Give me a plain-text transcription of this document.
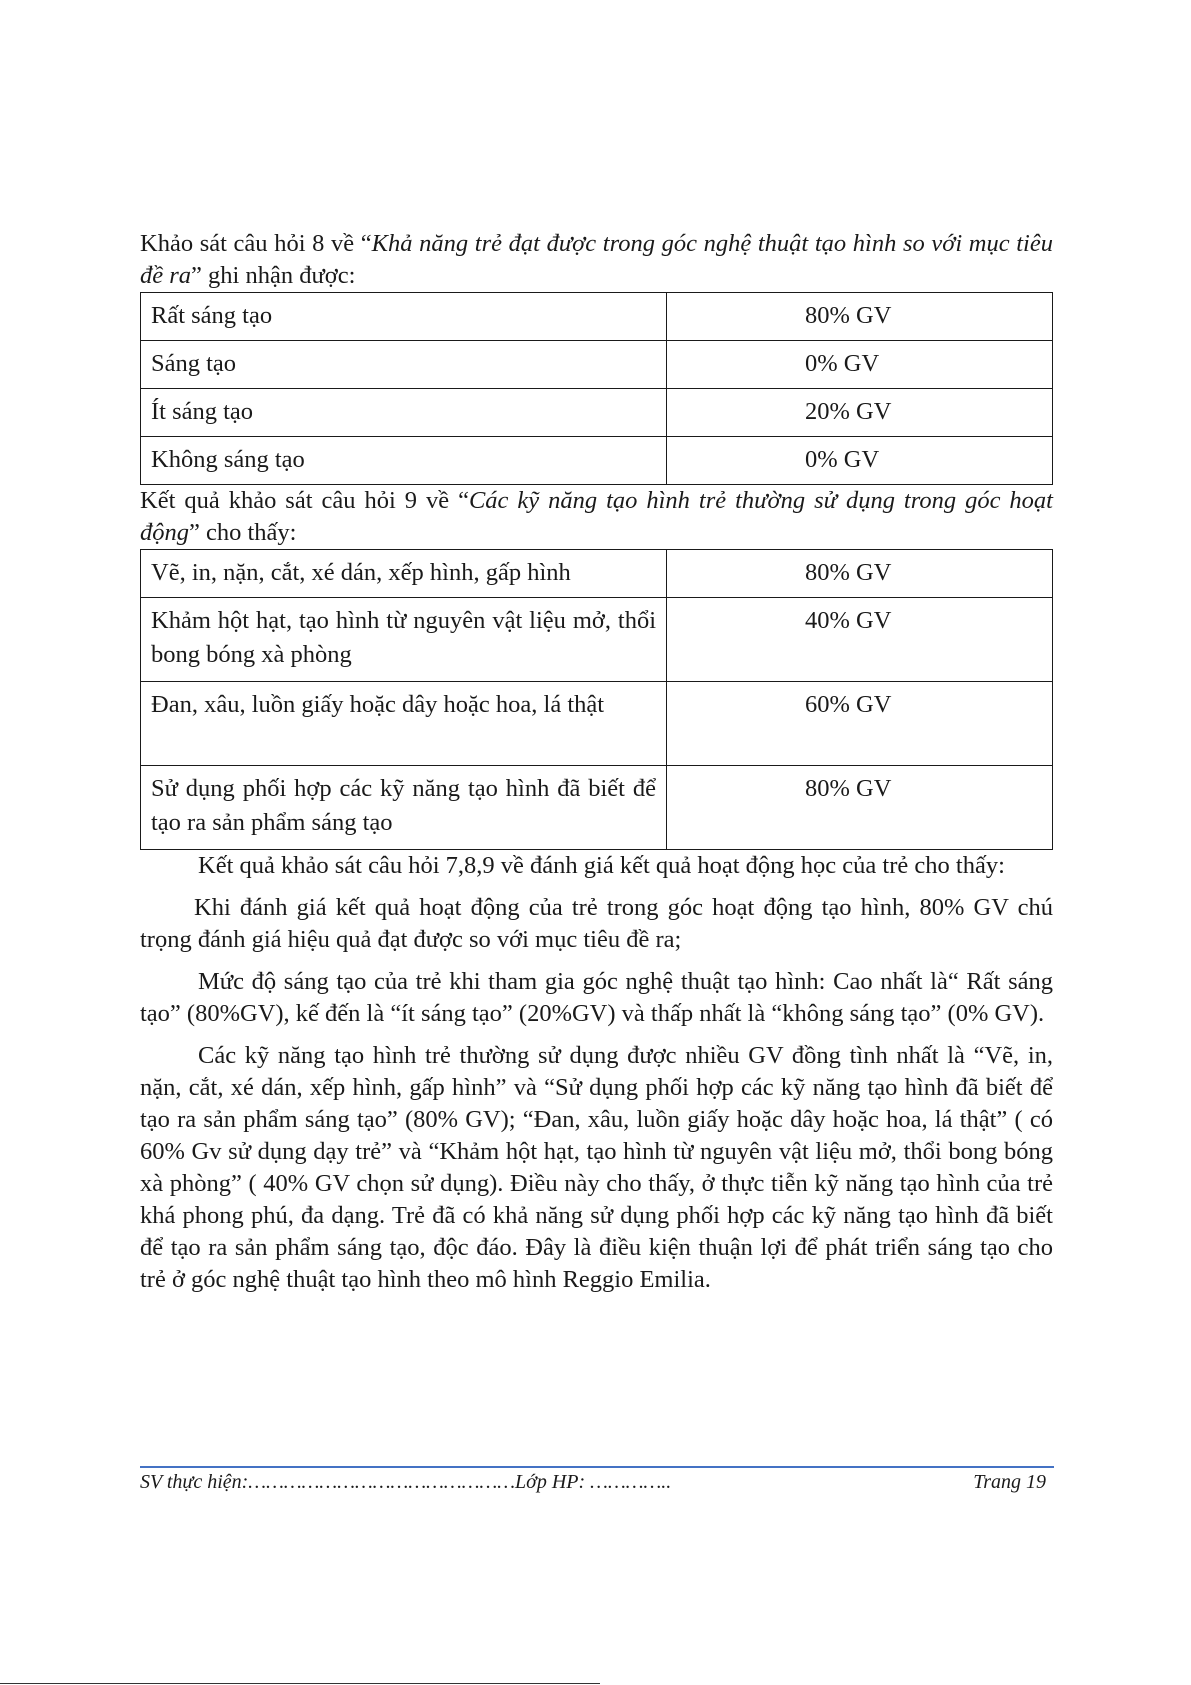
Khảo sát câu hỏi 8 về “Khả năng trẻ đạt được trong góc nghệ thuật tạo hình so với mục tiêu đề ra” ghi nhận được:

Rất sáng tạo	80% GV
Sáng tạo	0% GV
Ít sáng tạo	20% GV
Không sáng tạo	0% GV

Kết quả khảo sát câu hỏi 9 về “Các kỹ năng tạo hình trẻ thường sử dụng trong góc hoạt động” cho thấy:

Vẽ, in, nặn, cắt, xé dán, xếp hình, gấp hình	80% GV
Khảm hột hạt, tạo hình từ nguyên vật liệu mở, thổi bong bóng xà phòng	40% GV
Đan, xâu, luồn giấy hoặc dây hoặc hoa, lá thật	60% GV
Sử dụng phối hợp các kỹ năng tạo hình đã biết để tạo ra sản phẩm sáng tạo	80% GV

Kết quả khảo sát câu hỏi 7,8,9 về đánh giá kết quả hoạt động học của trẻ cho thấy:

Khi đánh giá kết quả hoạt động của trẻ trong góc hoạt động tạo hình, 80% GV chú trọng đánh giá hiệu quả đạt được so với mục tiêu đề ra;

Mức độ sáng tạo của trẻ khi tham gia góc nghệ thuật tạo hình: Cao nhất là“ Rất sáng tạo” (80%GV), kế đến là “ít sáng tạo” (20%GV) và thấp nhất là “không sáng tạo” (0% GV).

Các kỹ năng tạo hình trẻ thường sử dụng được nhiều GV đồng tình nhất là “Vẽ, in, nặn, cắt, xé dán, xếp hình, gấp hình” và “Sử dụng phối hợp các kỹ năng tạo hình đã biết để tạo ra sản phẩm sáng tạo” (80% GV); “Đan, xâu, luồn giấy hoặc dây hoặc hoa, lá thật” ( có 60% Gv sử dụng dạy trẻ” và “Khảm hột hạt, tạo hình từ nguyên vật liệu mở, thổi bong bóng xà phòng” ( 40% GV chọn sử dụng). Điều này cho thấy, ở thực tiễn kỹ năng tạo hình của trẻ khá phong phú, đa dạng. Trẻ đã có khả năng sử dụng phối hợp các kỹ năng tạo hình đã biết để tạo ra sản phẩm sáng tạo, độc đáo. Đây là điều kiện thuận lợi để phát triển sáng tạo cho trẻ ở góc nghệ thuật tạo hình theo mô hình Reggio Emilia.

SV thực hiện:………………………………………Lớp HP: …………..	Trang 19
